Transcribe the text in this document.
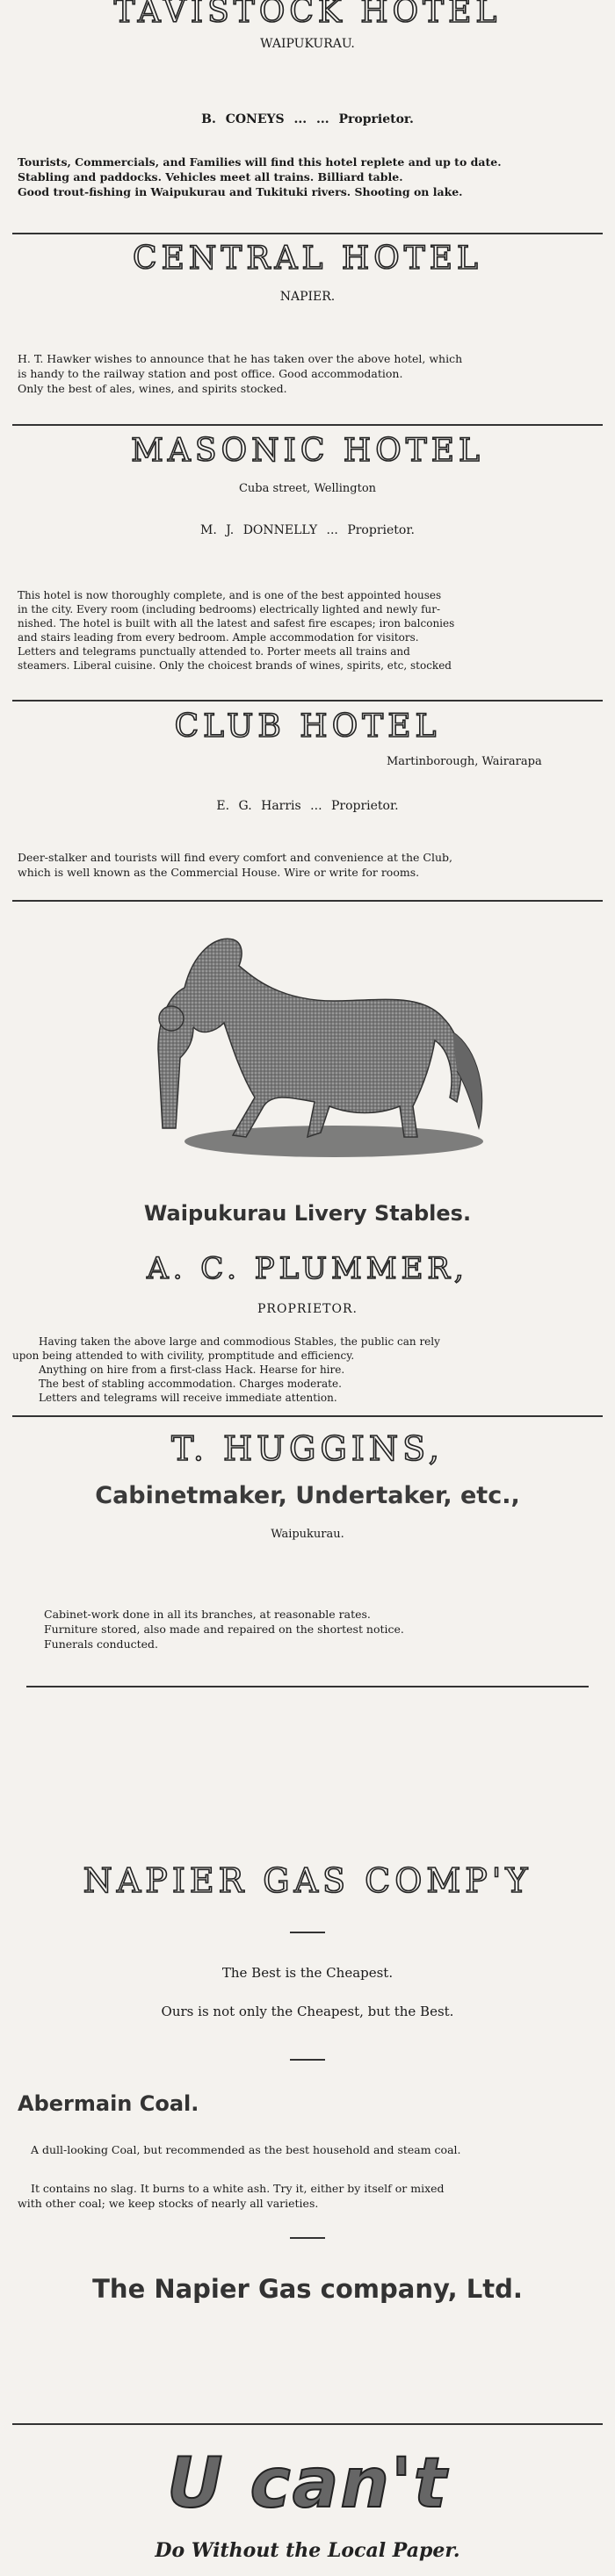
TAVISTOCK HOTEL
WAIPUKURAU.
B. CONEYS ... ... Proprietor.
Tourists, Commercials, and Families will find this hotel replete and up to date.
Stabling and paddocks. Vehicles meet all trains. Billiard table.
Good trout-fishing in Waipukurau and Tukituki rivers. Shooting on lake.
CENTRAL HOTEL
NAPIER.
H. T. Hawker wishes to announce that he has taken over the above hotel, which
is handy to the railway station and post office. Good accommodation.
Only the best of ales, wines, and spirits stocked.
MASONIC HOTEL
Cuba street, Wellington
M. J. DONNELLY ... Proprietor.
This hotel is now thoroughly complete, and is one of the best appointed houses
in the city. Every room (including bedrooms) electrically lighted and newly fur-
nished. The hotel is built with all the latest and safest fire escapes; iron balconies
and stairs leading from every bedroom. Ample accommodation for visitors.
Letters and telegrams punctually attended to. Porter meets all trains and
steamers. Liberal cuisine. Only the choicest brands of wines, spirits, etc, stocked
CLUB HOTEL
Martinborough, Wairarapa
E. G. Harris ... Proprietor.
Deer-stalker and tourists will find every comfort and convenience at the Club,
which is well known as the Commercial House. Wire or write for rooms.
Waipukurau Livery Stables.
A. C. PLUMMER,
PROPRIETOR.
Having taken the above large and commodious Stables, the public can rely
upon being attended to with civility, promptitude and efficiency.
Anything on hire from a first-class Hack. Hearse for hire.
The best of stabling accommodation. Charges moderate.
Letters and telegrams will receive immediate attention.
T. HUGGINS,
Cabinetmaker, Undertaker, etc.,
Waipukurau.
Cabinet-work done in all its branches, at reasonable rates.
Furniture stored, also made and repaired on the shortest notice.
Funerals conducted.
NAPIER GAS COMP'Y
The Best is the Cheapest.
Ours is not only the Cheapest, but the Best.
Abermain Coal.
A dull-looking Coal, but recommended as the best household and steam coal.
It contains no slag. It burns to a white ash. Try it, either by itself or mixed
with other coal; we keep stocks of nearly all varieties.
The Napier Gas company, Ltd.
U can't
Do Without the Local Paper.
